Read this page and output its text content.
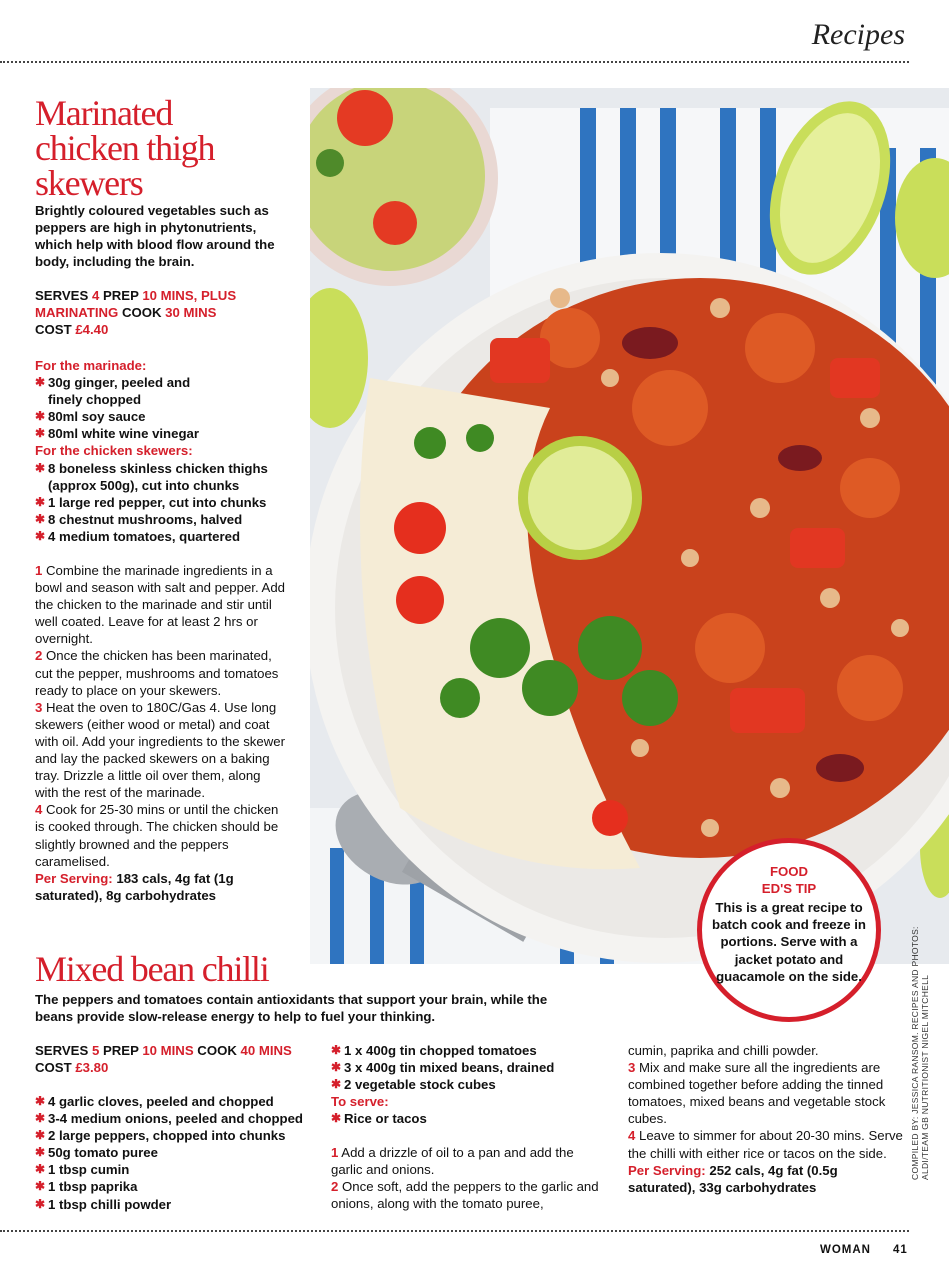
Recipes
Marinated
chicken thigh
skewers
Brightly coloured vegetables such as peppers are high in phytonutrients, which help with blood flow around the body, including the brain.
SERVES 4 PREP 10 MINS, PLUS MARINATING COOK 30 MINS
COST £4.40
For the marinade:
✱ 30g ginger, peeled and finely chopped
✱ 80ml soy sauce
✱ 80ml white wine vinegar
For the chicken skewers:
✱ 8 boneless skinless chicken thighs (approx 500g), cut into chunks
✱ 1 large red pepper, cut into chunks
✱ 8 chestnut mushrooms, halved
✱ 4 medium tomatoes, quartered
1 Combine the marinade ingredients in a bowl and season with salt and pepper. Add the chicken to the marinade and stir until well coated. Leave for at least 2 hrs or overnight.
2 Once the chicken has been marinated, cut the pepper, mushrooms and tomatoes ready to place on your skewers.
3 Heat the oven to 180C/Gas 4. Use long skewers (either wood or metal) and coat with oil. Add your ingredients to the skewer and lay the packed skewers on a baking tray. Drizzle a little oil over them, along with the rest of the marinade.
4 Cook for 25-30 mins or until the chicken is cooked through. The chicken should be slightly browned and the peppers caramelised.
Per Serving: 183 cals, 4g fat (1g saturated), 8g carbohydrates
Mixed bean chilli
The peppers and tomatoes contain antioxidants that support your brain, while the beans provide slow-release energy to help to fuel your thinking.
SERVES 5 PREP 10 MINS COOK 40 MINS
COST £3.80
✱ 4 garlic cloves, peeled and chopped
✱ 3-4 medium onions, peeled and chopped
✱ 2 large peppers, chopped into chunks
✱ 50g tomato puree
✱ 1 tbsp cumin
✱ 1 tbsp paprika
✱ 1 tbsp chilli powder
✱ 1 x 400g tin chopped tomatoes
✱ 3 x 400g tin mixed beans, drained
✱ 2 vegetable stock cubes
To serve:
✱ Rice or tacos
1 Add a drizzle of oil to a pan and add the garlic and onions.
2 Once soft, add the peppers to the garlic and onions, along with the tomato puree,
cumin, paprika and chilli powder.
3 Mix and make sure all the ingredients are combined together before adding the tinned tomatoes, mixed beans and vegetable stock cubes.
4 Leave to simmer for about 20-30 mins. Serve the chilli with either rice or tacos on the side.
Per Serving: 252 cals, 4g fat (0.5g saturated), 33g carbohydrates
FOOD
ED'S TIP
This is a great recipe to batch cook and freeze in portions. Serve with a jacket potato and guacamole on the side.	COMPILED BY: JESSICA RANSOM. RECIPES AND PHOTOS: ALDI/TEAM GB NUTRITIONIST NIGEL MITCHELL
WOMAN 41
